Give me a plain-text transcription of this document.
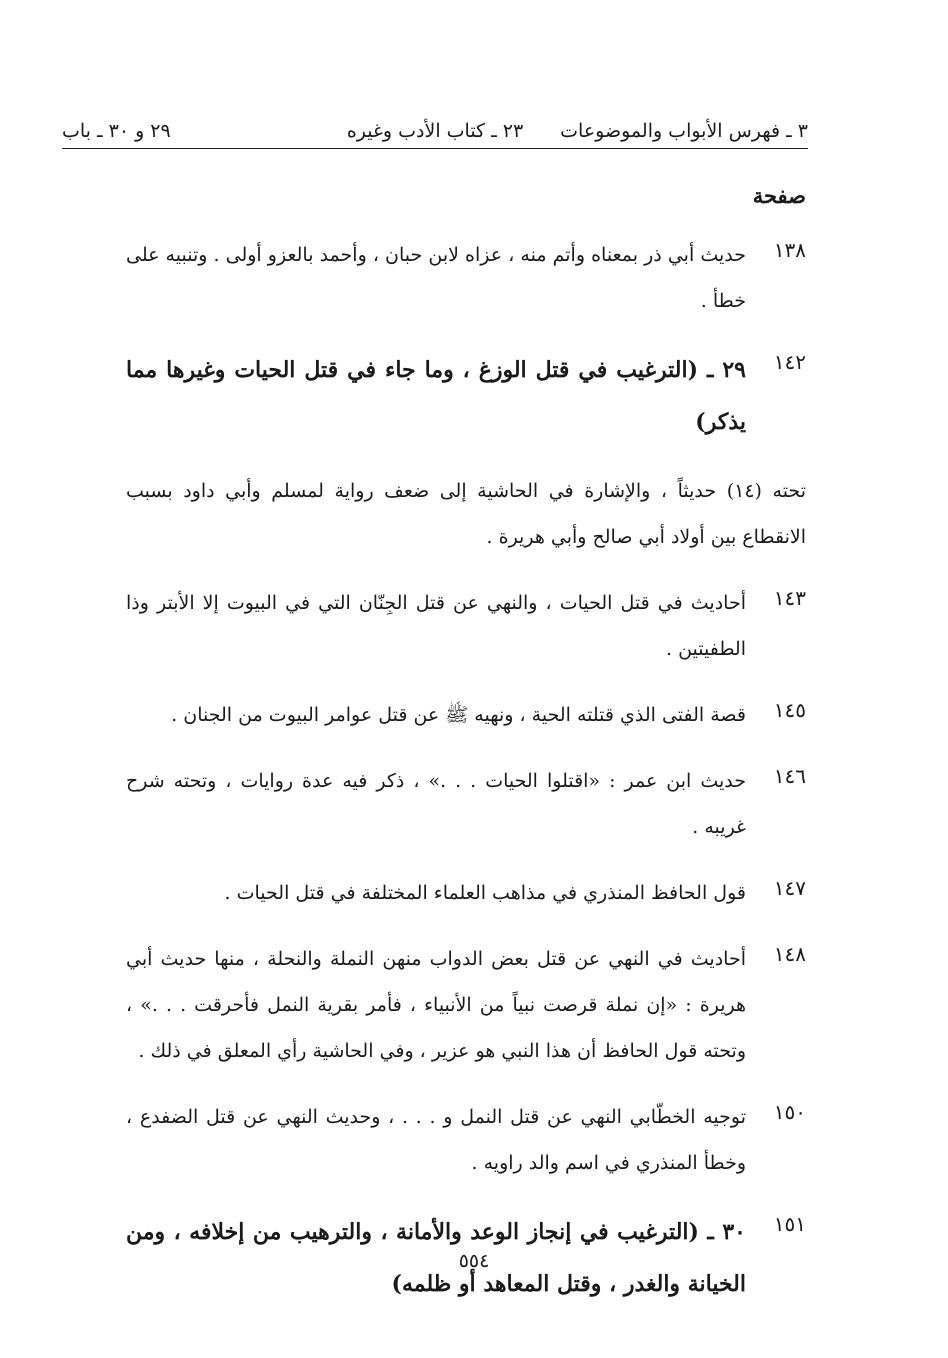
٣ ـ فهرس الأبواب والموضوعات
٢٣ ـ كتاب الأدب وغيره
٢٩ و ٣٠ ـ باب
صفحة
١٣٨
حديث أبي ذر بمعناه وأتم منه ، عزاه لابن حبان ، وأحمد بالعزو أولى . وتنبيه على خطأ .
١٤٢
٢٩ ـ (الترغيب في قتل الوزغ ، وما جاء في قتل الحيات وغيرها مما يذكر)
تحته (١٤) حديثاً ، والإشارة في الحاشية إلى ضعف رواية لمسلم وأبي داود بسبب الانقطاع بين أولاد أبي صالح وأبي هريرة .
١٤٣
أحاديث في قتل الحيات ، والنهي عن قتل الجِنّان التي في البيوت إلا الأبتر وذا الطفيتين .
١٤٥
قصة الفتى الذي قتلته الحية ، ونهيه ﷺ عن قتل عوامر البيوت من الجنان .
١٤٦
حديث ابن عمر : «اقتلوا الحيات . . .» ، ذكر فيه عدة روايات ، وتحته شرح غريبه .
١٤٧
قول الحافظ المنذري في مذاهب العلماء المختلفة في قتل الحيات .
١٤٨
أحاديث في النهي عن قتل بعض الدواب منهن النملة والنحلة ، منها حديث أبي هريرة : «إن نملة قرصت نبياً من الأنبياء ، فأمر بقرية النمل فأحرقت . . .» ، وتحته قول الحافظ أن هذا النبي هو عزير ، وفي الحاشية رأي المعلق في ذلك .
١٥٠
توجيه الخطّابي النهي عن قتل النمل و . . . ، وحديث النهي عن قتل الضفدع ، وخطأ المنذري في اسم والد راويه .
١٥١
٣٠ ـ (الترغيب في إنجاز الوعد والأمانة ، والترهيب من إخلافه ، ومن الخيانة والغدر ، وقتل المعاهد أو ظلمه)
٥٥٤
